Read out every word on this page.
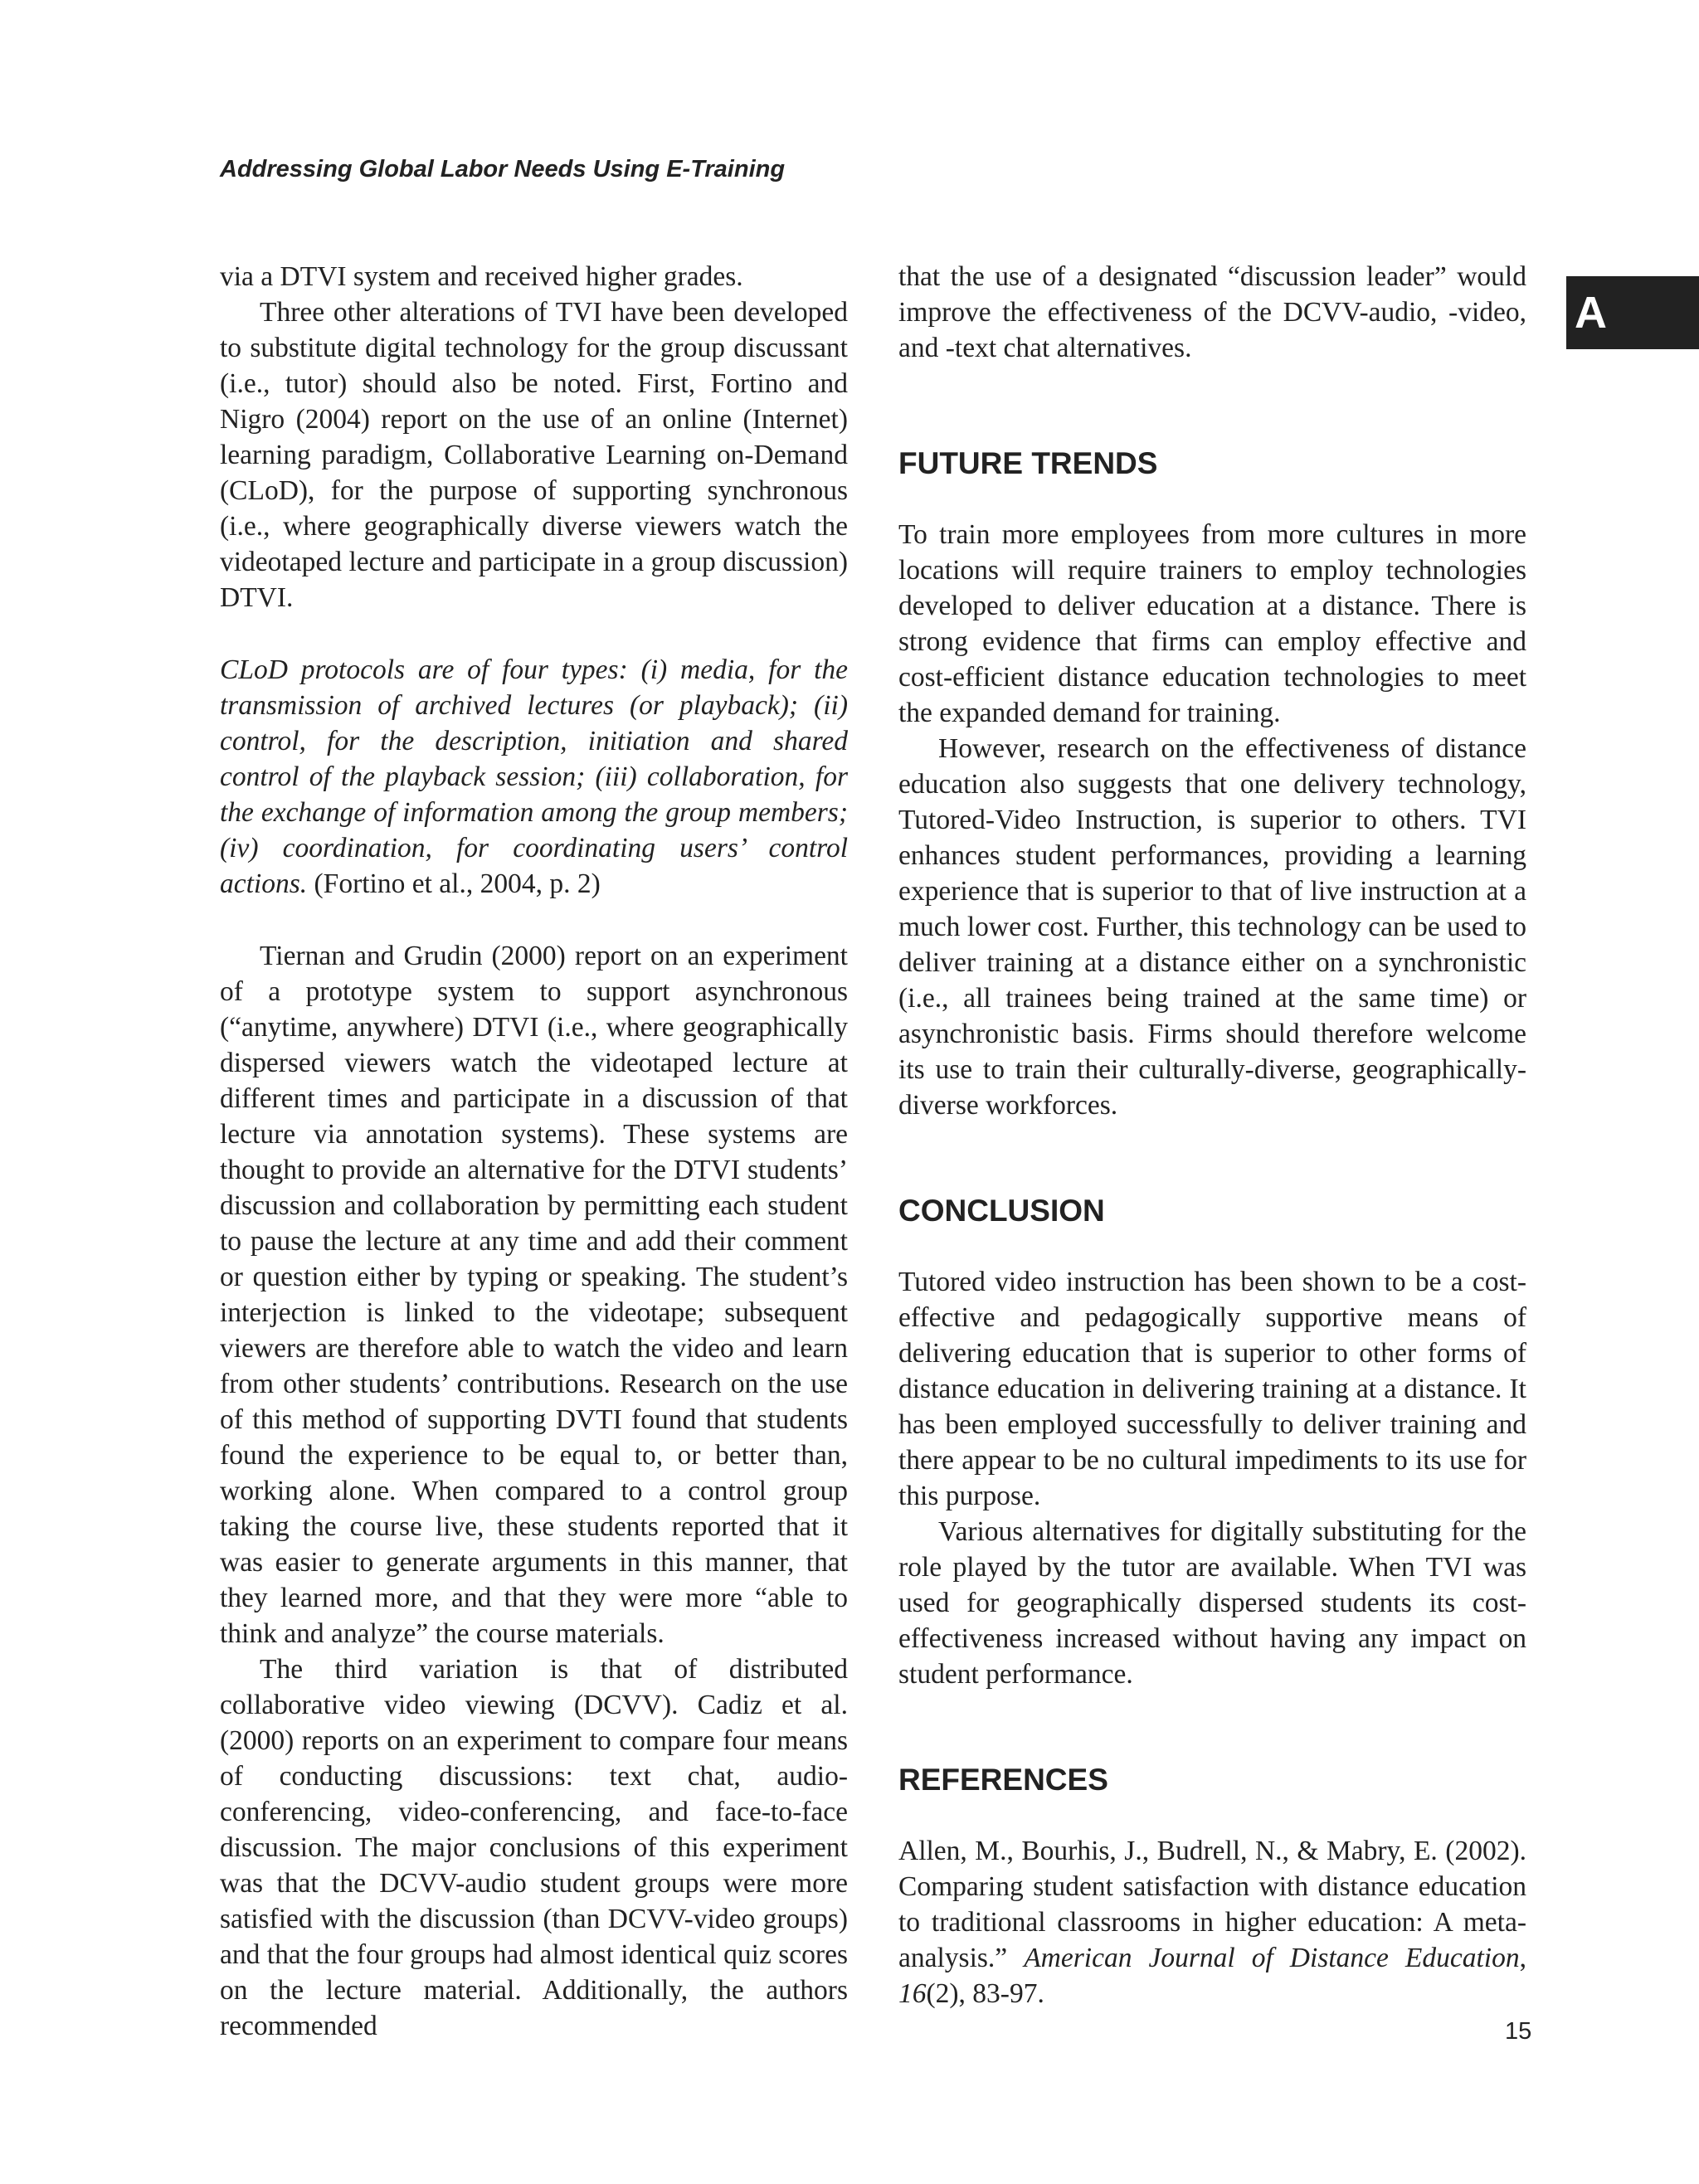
Addressing Global Labor Needs Using E-Training
A

via a DTVI system and received higher grades.

Three other alterations of TVI have been developed to substitute digital technology for the group discussant (i.e., tutor) should also be noted. First, Fortino and Nigro (2004) report on the use of an online (Internet) learning paradigm, Collaborative Learning on-Demand (CLoD), for the purpose of supporting synchronous (i.e., where geographically diverse viewers watch the videotaped lecture and participate in a group discussion) DTVI.

CLoD protocols are of four types: (i) media, for the transmission of archived lectures (or playback); (ii) control, for the description, initiation and shared control of the playback session; (iii) collaboration, for the exchange of information among the group members; (iv) coordination, for coordinating users’ control actions. (Fortino et al., 2004, p. 2)

Tiernan and Grudin (2000) report on an experiment of a prototype system to support asynchronous (“anytime, anywhere) DTVI (i.e., where geographically dispersed viewers watch the videotaped lecture at different times and participate in a discussion of that lecture via annotation systems). These systems are thought to provide an alternative for the DTVI students’ discussion and collaboration by permitting each student to pause the lecture at any time and add their comment or question either by typing or speaking. The student’s interjection is linked to the videotape; subsequent viewers are therefore able to watch the video and learn from other students’ contributions. Research on the use of this method of supporting DVTI found that students found the experience to be equal to, or better than, working alone. When compared to a control group taking the course live, these students reported that it was easier to generate arguments in this manner, that they learned more, and that they were more “able to think and analyze” the course materials.

The third variation is that of distributed collaborative video viewing (DCVV). Cadiz et al. (2000) reports on an experiment to compare four means of conducting discussions: text chat, audio-conferencing, video-conferencing, and face-to-face discussion. The major conclusions of this experiment was that the DCVV-audio student groups were more satisfied with the discussion (than DCVV-video groups) and that the four groups had almost identical quiz scores on the lecture material. Additionally, the authors recommended

that the use of a designated “discussion leader” would improve the effectiveness of the DCVV-audio, -video, and -text chat alternatives.

FUTURE TRENDS

To train more employees from more cultures in more locations will require trainers to employ technologies developed to deliver education at a distance. There is strong evidence that firms can employ effective and cost-efficient distance education technologies to meet the expanded demand for training.

However, research on the effectiveness of distance education also suggests that one delivery technology, Tutored-Video Instruction, is superior to others. TVI enhances student performances, providing a learning experience that is superior to that of live instruction at a much lower cost. Further, this technology can be used to deliver training at a distance either on a synchronistic (i.e., all trainees being trained at the same time) or asynchronistic basis. Firms should therefore welcome its use to train their culturally-diverse, geographically-diverse workforces.

CONCLUSION

Tutored video instruction has been shown to be a cost-effective and pedagogically supportive means of delivering education that is superior to other forms of distance education in delivering training at a distance. It has been employed successfully to deliver training and there appear to be no cultural impediments to its use for this purpose.

Various alternatives for digitally substituting for the role played by the tutor are available. When TVI was used for geographically dispersed students its cost-effectiveness increased without having any impact on student performance.

REFERENCES

Allen, M., Bourhis, J., Budrell, N., & Mabry, E. (2002). Comparing student satisfaction with distance education to traditional classrooms in higher education: A meta-analysis.” American Journal of Distance Education, 16(2), 83-97.

15
